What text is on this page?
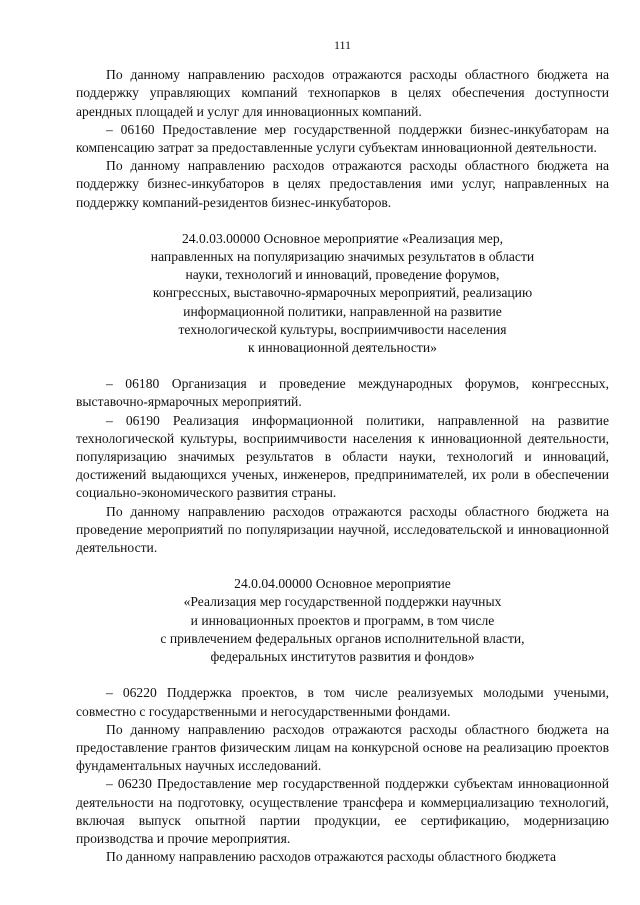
111

По данному направлению расходов отражаются расходы областного бюджета на поддержку управляющих компаний технопарков в целях обеспечения доступности арендных площадей и услуг для инновационных компаний.

– 06160 Предоставление мер государственной поддержки бизнес-инкубаторам на компенсацию затрат за предоставленные услуги субъектам инновационной деятельности.

По данному направлению расходов отражаются расходы областного бюджета на поддержку бизнес-инкубаторов в целях предоставления ими услуг, направленных на поддержку компаний-резидентов бизнес-инкубаторов.

24.0.03.00000 Основное мероприятие «Реализация мер,
направленных на популяризацию значимых результатов в области
науки, технологий и инноваций, проведение форумов,
конгрессных, выставочно-ярмарочных мероприятий, реализацию
информационной политики, направленной на развитие
технологической культуры, восприимчивости населения
к инновационной деятельности»

– 06180 Организация и проведение международных форумов, конгрессных, выставочно-ярмарочных мероприятий.

– 06190 Реализация информационной политики, направленной на развитие технологической культуры, восприимчивости населения к инновационной деятельности, популяризацию значимых результатов в области науки, технологий и инноваций, достижений выдающихся ученых, инженеров, предпринимателей, их роли в обеспечении социально-экономического развития страны.

По данному направлению расходов отражаются расходы областного бюджета на проведение мероприятий по популяризации научной, исследовательской и инновационной деятельности.

24.0.04.00000 Основное мероприятие
«Реализация мер государственной поддержки научных
и инновационных проектов и программ, в том числе
с привлечением федеральных органов исполнительной власти,
федеральных институтов развития и фондов»

– 06220 Поддержка проектов, в том числе реализуемых молодыми учеными, совместно с государственными и негосударственными фондами.

По данному направлению расходов отражаются расходы областного бюджета на предоставление грантов физическим лицам на конкурсной основе на реализацию проектов фундаментальных научных исследований.

– 06230 Предоставление мер государственной поддержки субъектам инновационной деятельности на подготовку, осуществление трансфера и коммерциализацию технологий, включая выпуск опытной партии продукции, ее сертификацию, модернизацию производства и прочие мероприятия.

По данному направлению расходов отражаются расходы областного бюджета
